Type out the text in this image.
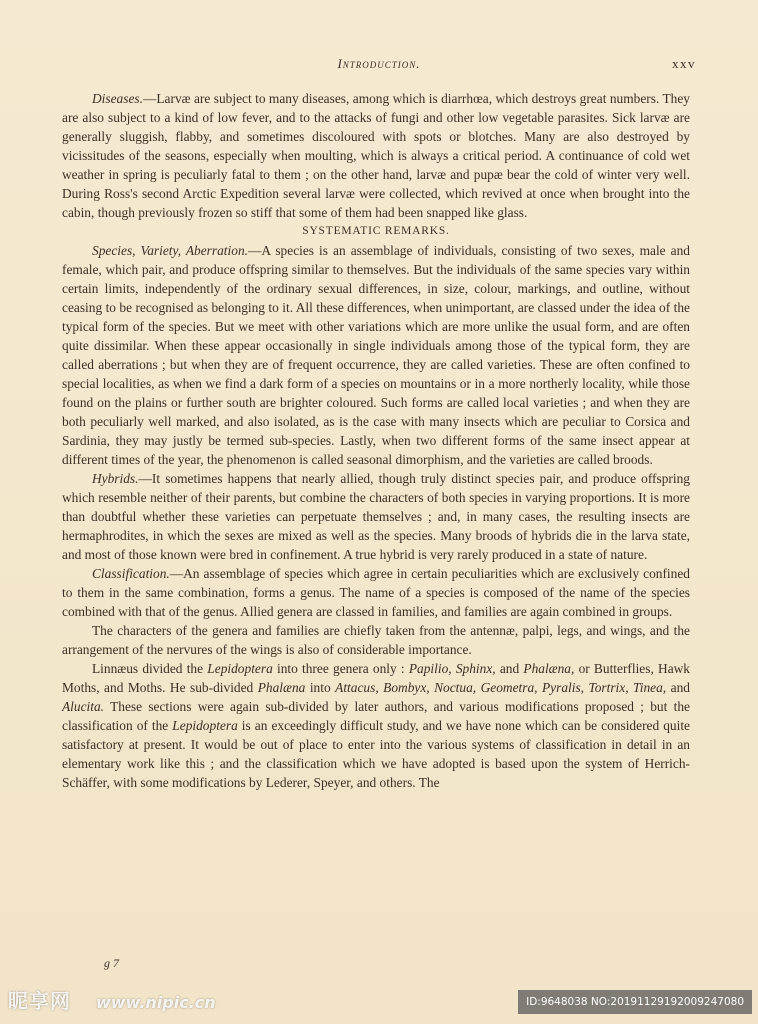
Introduction.	xxv

Diseases.—Larvæ are subject to many diseases, among which is diarrhœa, which destroys great numbers. They are also subject to a kind of low fever, and to the attacks of fungi and other low vegetable parasites. Sick larvæ are generally sluggish, flabby, and sometimes discoloured with spots or blotches. Many are also destroyed by vicissitudes of the seasons, especially when moulting, which is always a critical period. A continuance of cold wet weather in spring is peculiarly fatal to them ; on the other hand, larvæ and pupæ bear the cold of winter very well. During Ross's second Arctic Expedition several larvæ were collected, which revived at once when brought into the cabin, though previously frozen so stiff that some of them had been snapped like glass.

SYSTEMATIC REMARKS.

Species, Variety, Aberration.—A species is an assemblage of individuals, consisting of two sexes, male and female, which pair, and produce offspring similar to themselves. But the individuals of the same species vary within certain limits, independently of the ordinary sexual differences, in size, colour, markings, and outline, without ceasing to be recognised as belonging to it. All these differences, when unimportant, are classed under the idea of the typical form of the species. But we meet with other variations which are more unlike the usual form, and are often quite dissimilar. When these appear occasionally in single individuals among those of the typical form, they are called aberrations ; but when they are of frequent occurrence, they are called varieties. These are often confined to special localities, as when we find a dark form of a species on mountains or in a more northerly locality, while those found on the plains or further south are brighter coloured. Such forms are called local varieties ; and when they are both peculiarly well marked, and also isolated, as is the case with many insects which are peculiar to Corsica and Sardinia, they may justly be termed sub-species. Lastly, when two different forms of the same insect appear at different times of the year, the phenomenon is called seasonal dimorphism, and the varieties are called broods.

Hybrids.—It sometimes happens that nearly allied, though truly distinct species pair, and produce offspring which resemble neither of their parents, but combine the characters of both species in varying proportions. It is more than doubtful whether these varieties can perpetuate themselves ; and, in many cases, the resulting insects are hermaphrodites, in which the sexes are mixed as well as the species. Many broods of hybrids die in the larva state, and most of those known were bred in confinement. A true hybrid is very rarely produced in a state of nature.

Classification.—An assemblage of species which agree in certain peculiarities which are exclusively confined to them in the same combination, forms a genus. The name of a species is composed of the name of the species combined with that of the genus. Allied genera are classed in families, and families are again combined in groups.

The characters of the genera and families are chiefly taken from the antennæ, palpi, legs, and wings, and the arrangement of the nervures of the wings is also of considerable importance.

Linnæus divided the Lepidoptera into three genera only : Papilio, Sphinx, and Phalæna, or Butterflies, Hawk Moths, and Moths. He sub-divided Phalæna into Attacus, Bombyx, Noctua, Geometra, Pyralis, Tortrix, Tinea, and Alucita. These sections were again sub-divided by later authors, and various modifications proposed ; but the classification of the Lepidoptera is an exceedingly difficult study, and we have none which can be considered quite satisfactory at present. It would be out of place to enter into the various systems of classification in detail in an elementary work like this ; and the classification which we have adopted is based upon the system of Herrich-Schäffer, with some modifications by Lederer, Speyer, and others. The

g 7
昵享网 www.nipic.cn	ID:9648038 NO:20191129192009247080
